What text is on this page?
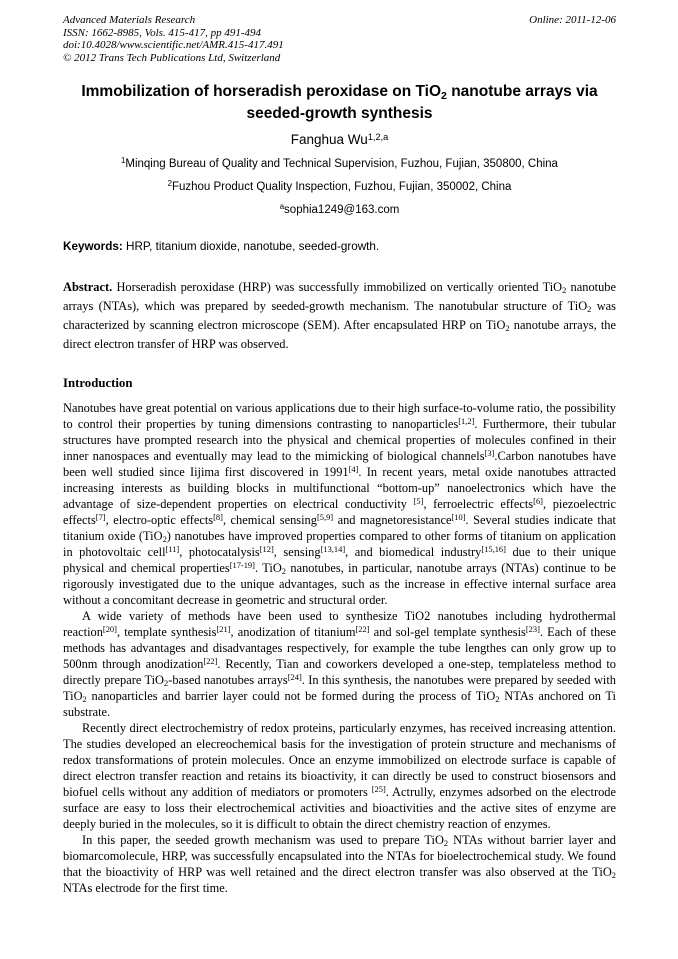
Advanced Materials Research
ISSN: 1662-8985, Vols. 415-417, pp 491-494
doi:10.4028/www.scientific.net/AMR.415-417.491
© 2012 Trans Tech Publications Ltd, Switzerland
Online: 2011-12-06
Immobilization of horseradish peroxidase on TiO$_2$ nanotube arrays via seeded-growth synthesis
Fanghua Wu$^{1,2,a}$
$^1$Minqing Bureau of Quality and Technical Supervision, Fuzhou, Fujian, 350800, China
$^2$Fuzhou Product Quality Inspection, Fuzhou, Fujian, 350002, China
$^a$sophia1249@163.com
Keywords: HRP, titanium dioxide, nanotube, seeded-growth.
Abstract. Horseradish peroxidase (HRP) was successfully immobilized on vertically oriented TiO$_2$ nanotube arrays (NTAs), which was prepared by seeded-growth mechanism. The nanotubular structure of TiO$_2$ was characterized by scanning electron microscope (SEM). After encapsulated HRP on TiO$_2$ nanotube arrays, the direct electron transfer of HRP was observed.
Introduction

Nanotubes have great potential on various applications due to their high surface-to-volume ratio, the possibility to control their properties by tuning dimensions contrasting to nanoparticles[1,2]. Furthermore, their tubular structures have prompted research into the physical and chemical properties of molecules confined in their inner nanospaces and eventually may lead to the mimicking of biological channels[3].Carbon nanotubes have been well studied since Iijima first discovered in 1991[4]. In recent years, metal oxide nanotubes attracted increasing interests as building blocks in multifunctional “bottom-up” nanoelectronics which have the advantage of size-dependent properties on electrical conductivity [5], ferroelectric effects[6], piezoelectric effects[7], electro-optic effects[8], chemical sensing[5,9] and magnetoresistance[10]. Several studies indicate that titanium oxide (TiO$_2$) nanotubes have improved properties compared to other forms of titanium on application in photovoltaic cell[11], photocatalysis[12], sensing[13,14], and biomedical industry[15,16] due to their unique physical and chemical properties[17-19]. TiO$_2$ nanotubes, in particular, nanotube arrays (NTAs) continue to be rigorously investigated due to the unique advantages, such as the increase in effective internal surface area without a concomitant decrease in geometric and structural order.

A wide variety of methods have been used to synthesize TiO2 nanotubes including hydrothermal reaction[20], template synthesis[21], anodization of titanium[22] and sol-gel template synthesis[23]. Each of these methods has advantages and disadvantages respectively, for example the tube lengthes can only grow up to 500nm through anodization[22]. Recently, Tian and coworkers developed a one-step, templateless method to directly prepare TiO$_2$-based nanotubes arrays[24]. In this synthesis, the nanotubes were prepared by seeded with TiO$_2$ nanoparticles and barrier layer could not be formed during the process of TiO$_2$ NTAs anchored on Ti substrate.

Recently direct electrochemistry of redox proteins, particularly enzymes, has received increasing attention. The studies developed an elecreochemical basis for the investigation of protein structure and mechanisms of redox transformations of protein molecules. Once an enzyme immobilized on electrode surface is capable of direct electron transfer reaction and retains its bioactivity, it can directly be used to construct biosensors and biofuel cells without any addition of mediators or promoters [25]. Actrully, enzymes adsorbed on the electrode surface are easy to loss their electrochemical activities and bioactivities and the active sites of enzyme are deeply buried in the molecules, so it is difficult to obtain the direct chemistry reaction of enzymes.

In this paper, the seeded growth mechanism was used to prepare TiO$_2$ NTAs without barrier layer and biomarcomolecule, HRP, was successfully encapsulated into the NTAs for bioelectrochemical study. We found that the bioactivity of HRP was well retained and the direct electron transfer was also observed at the TiO$_2$ NTAs electrode for the first time.
